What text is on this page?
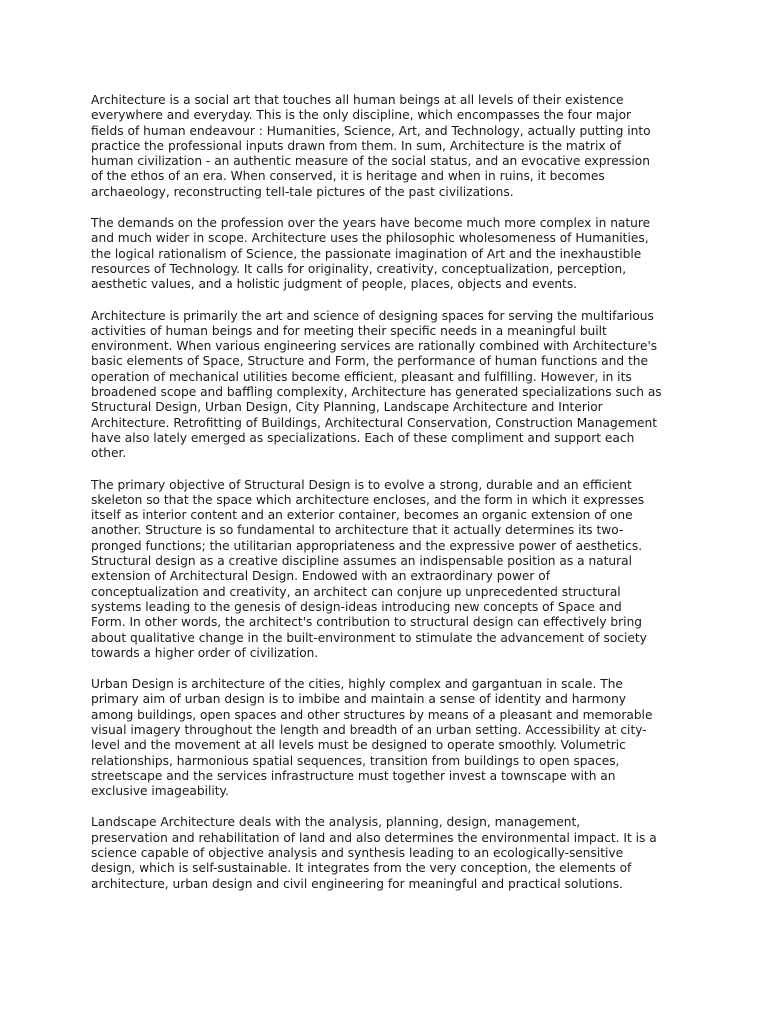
Architecture is a social art that touches all human beings at all levels of their existence
everywhere and everyday. This is the only discipline, which encompasses the four major
fields of human endeavour : Humanities, Science, Art, and Technology, actually putting into
practice the professional inputs drawn from them. In sum, Architecture is the matrix of
human civilization - an authentic measure of the social status, and an evocative expression
of the ethos of an era. When conserved, it is heritage and when in ruins, it becomes
archaeology, reconstructing tell-tale pictures of the past civilizations.

The demands on the profession over the years have become much more complex in nature
and much wider in scope. Architecture uses the philosophic wholesomeness of Humanities,
the logical rationalism of Science, the passionate imagination of Art and the inexhaustible
resources of Technology. It calls for originality, creativity, conceptualization, perception,
aesthetic values, and a holistic judgment of people, places, objects and events.

Architecture is primarily the art and science of designing spaces for serving the multifarious
activities of human beings and for meeting their specific needs in a meaningful built
environment. When various engineering services are rationally combined with Architecture's
basic elements of Space, Structure and Form, the performance of human functions and the
operation of mechanical utilities become efficient, pleasant and fulfilling. However, in its
broadened scope and baffling complexity, Architecture has generated specializations such as
Structural Design, Urban Design, City Planning, Landscape Architecture and Interior
Architecture. Retrofitting of Buildings, Architectural Conservation, Construction Management
have also lately emerged as specializations. Each of these compliment and support each
other.

The primary objective of Structural Design is to evolve a strong, durable and an efficient
skeleton so that the space which architecture encloses, and the form in which it expresses
itself as interior content and an exterior container, becomes an organic extension of one
another. Structure is so fundamental to architecture that it actually determines its two-
pronged functions; the utilitarian appropriateness and the expressive power of aesthetics.
Structural design as a creative discipline assumes an indispensable position as a natural
extension of Architectural Design. Endowed with an extraordinary power of
conceptualization and creativity, an architect can conjure up unprecedented structural
systems leading to the genesis of design-ideas introducing new concepts of Space and
Form. In other words, the architect's contribution to structural design can effectively bring
about qualitative change in the built-environment to stimulate the advancement of society
towards a higher order of civilization.

Urban Design is architecture of the cities, highly complex and gargantuan in scale. The
primary aim of urban design is to imbibe and maintain a sense of identity and harmony
among buildings, open spaces and other structures by means of a pleasant and memorable
visual imagery throughout the length and breadth of an urban setting. Accessibility at city-
level and the movement at all levels must be designed to operate smoothly. Volumetric
relationships, harmonious spatial sequences, transition from buildings to open spaces,
streetscape and the services infrastructure must together invest a townscape with an
exclusive imageability.

Landscape Architecture deals with the analysis, planning, design, management,
preservation and rehabilitation of land and also determines the environmental impact. It is a
science capable of objective analysis and synthesis leading to an ecologically-sensitive
design, which is self-sustainable. It integrates from the very conception, the elements of
architecture, urban design and civil engineering for meaningful and practical solutions.
